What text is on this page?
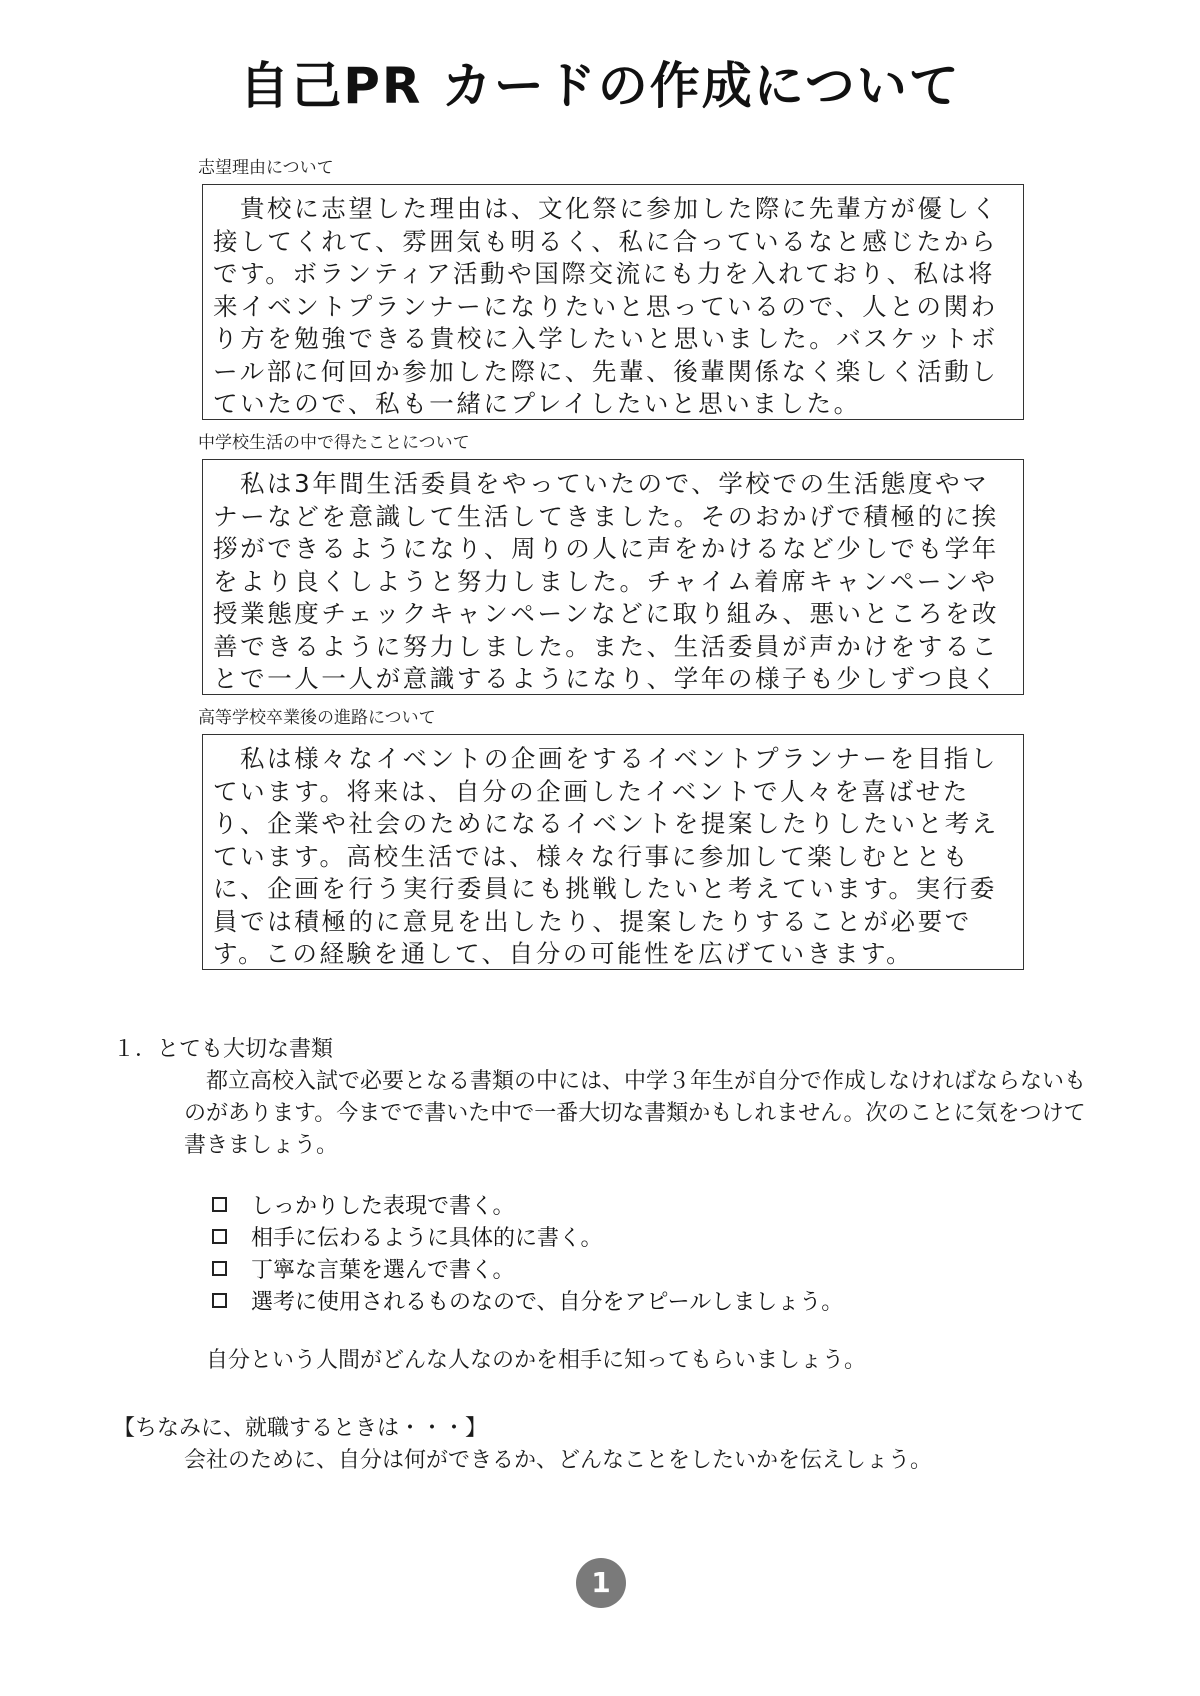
自己PR カードの作成について
志望理由について

貴校に志望した理由は、文化祭に参加した際に先輩方が優しく接してくれて、雰囲気も明るく、私に合っているなと感じたからです。ボランティア活動や国際交流にも力を入れており、私は将来イベントプランナーになりたいと思っているので、人との関わり方を勉強できる貴校に入学したいと思いました。バスケットボール部に何回か参加した際に、先輩、後輩関係なく楽しく活動していたので、私も一緒にプレイしたいと思いました。

中学校生活の中で得たことについて

私は3年間生活委員をやっていたので、学校での生活態度やマナーなどを意識して生活してきました。そのおかげで積極的に挨拶ができるようになり、周りの人に声をかけるなど少しでも学年をより良くしようと努力しました。チャイム着席キャンペーンや授業態度チェックキャンペーンなどに取り組み、悪いところを改善できるように努力しました。また、生活委員が声かけをすることで一人一人が意識するようになり、学年の様子も少しずつ良く

高等学校卒業後の進路について

私は様々なイベントの企画をするイベントプランナーを目指しています。将来は、自分の企画したイベントで人々を喜ばせたり、企業や社会のためになるイベントを提案したりしたいと考えています。高校生活では、様々な行事に参加して楽しむとともに、企画を行う実行委員にも挑戦したいと考えています。実行委員では積極的に意見を出したり、提案したりすることが必要です。この経験を通して、自分の可能性を広げていきます。

１．とても大切な書類
都立高校入試で必要となる書類の中には、中学３年生が自分で作成しなければならないものがあります。今までで書いた中で一番大切な書類かもしれません。次のことに気をつけて書きましょう。
しっかりした表現で書く。
相手に伝わるように具体的に書く。
丁寧な言葉を選んで書く。
選考に使用されるものなので、自分をアピールしましょう。
自分という人間がどんな人なのかを相手に知ってもらいましょう。
【ちなみに、就職するときは・・・】
会社のために、自分は何ができるか、どんなことをしたいかを伝えしょう。
1
